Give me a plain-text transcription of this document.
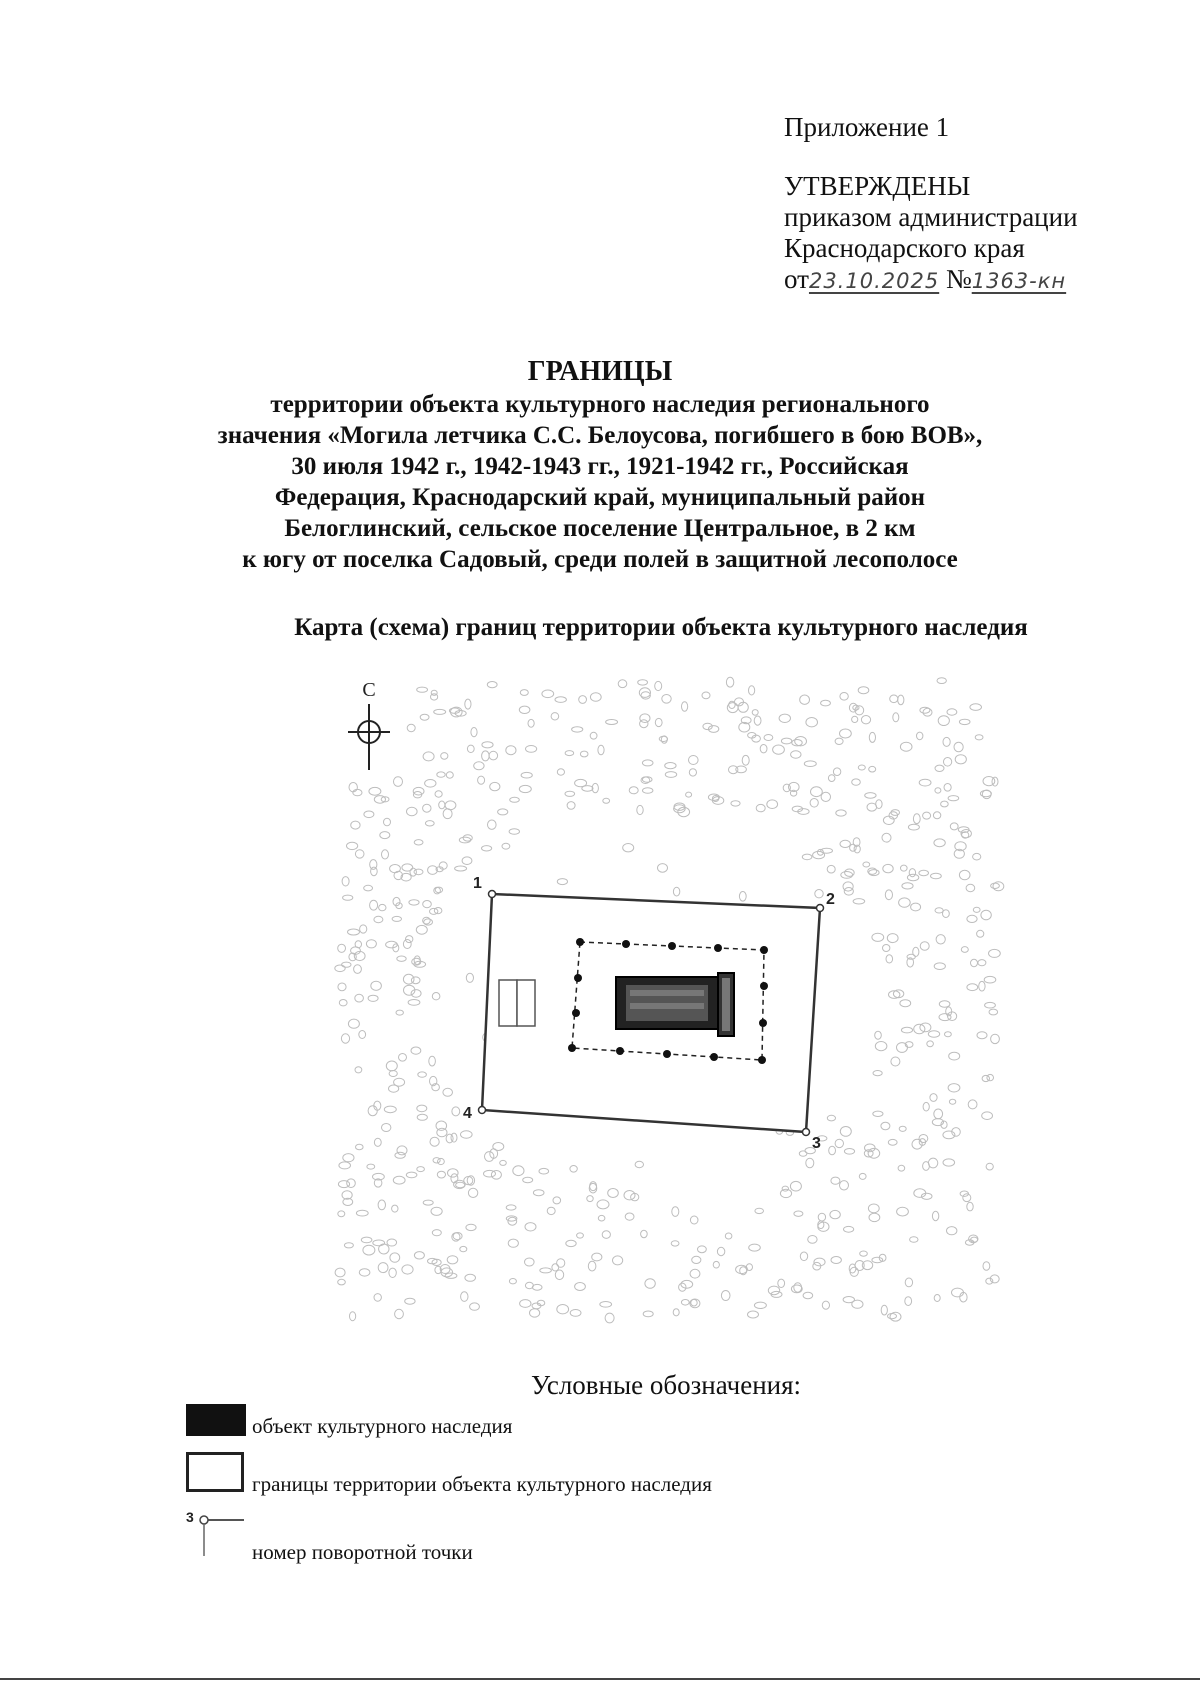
Приложение 1
УТВЕРЖДЕНЫ
приказом администрации
Краснодарского края
от23.10.2025 №1363-кн
ГРАНИЦЫ
территории объекта культурного наследия регионального
значения «Могила летчика С.С. Белоусова, погибшего в бою ВОВ»,
30 июля 1942 г., 1942-1943 гг., 1921-1942 гг., Российская
Федерация, Краснодарский край, муниципальный район
Белоглинский, сельское поселение Центральное, в 2 км
к югу от поселка Садовый, среди полей в защитной лесополосе
Карта (схема) границ территории объекта культурного наследия
С
1
2
3
4
Условные обозначения:
объект культурного наследия
границы территории объекта культурного наследия
3
номер поворотной точки
